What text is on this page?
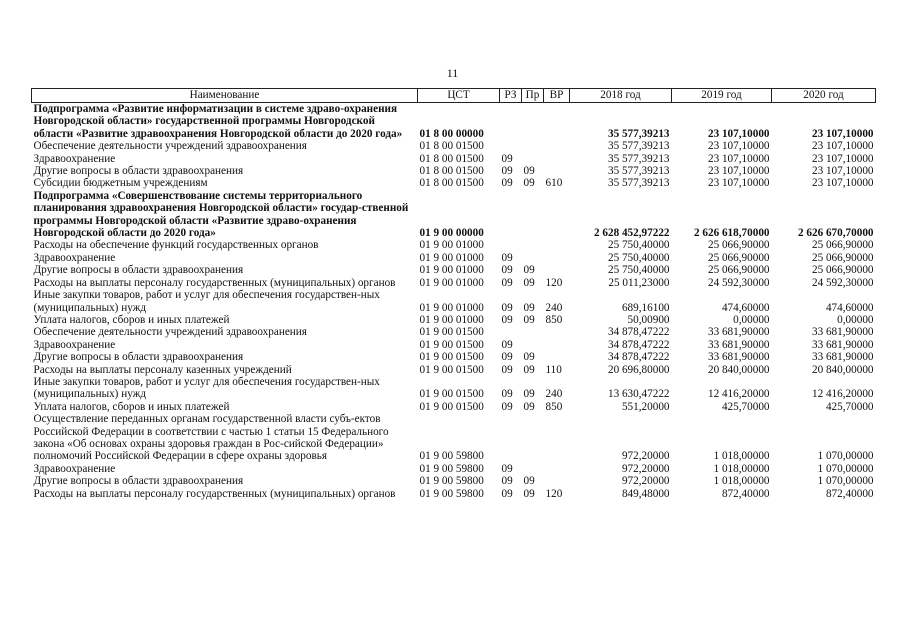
11
Наименование	ЦСТ	РЗ	Пр	ВР	2018 год	2019 год	2020 год
Подпрограмма «Развитие информатизации в системе здраво-охранения Новгородской области» государственной программы Новгородской области «Развитие здравоохранения Новгородской области до 2020 года»	01 8 00 00000				35 577,39213	23 107,10000	23 107,10000
Обеспечение деятельности учреждений здравоохранения	01 8 00 01500				35 577,39213	23 107,10000	23 107,10000
Здравоохранение	01 8 00 01500	09			35 577,39213	23 107,10000	23 107,10000
Другие вопросы в области здравоохранения	01 8 00 01500	09	09		35 577,39213	23 107,10000	23 107,10000
Субсидии бюджетным учреждениям	01 8 00 01500	09	09	610	35 577,39213	23 107,10000	23 107,10000
Подпрограмма «Совершенствование системы территориального планирования здравоохранения Новгородской области» государ-ственной программы Новгородской области «Развитие здраво-охранения Новгородской области до 2020 года»	01 9 00 00000				2 628 452,97222	2 626 618,70000	2 626 670,70000
Расходы на обеспечение функций государственных органов	01 9 00 01000				25 750,40000	25 066,90000	25 066,90000
Здравоохранение	01 9 00 01000	09			25 750,40000	25 066,90000	25 066,90000
Другие вопросы в области здравоохранения	01 9 00 01000	09	09		25 750,40000	25 066,90000	25 066,90000
Расходы на выплаты персоналу государственных (муниципальных) органов	01 9 00 01000	09	09	120	25 011,23000	24 592,30000	24 592,30000
Иные закупки товаров, работ и услуг для обеспечения государствен-ных (муниципальных) нужд	01 9 00 01000	09	09	240	689,16100	474,60000	474,60000
Уплата налогов, сборов и иных платежей	01 9 00 01000	09	09	850	50,00900	0,00000	0,00000
Обеспечение деятельности учреждений здравоохранения	01 9 00 01500				34 878,47222	33 681,90000	33 681,90000
Здравоохранение	01 9 00 01500	09			34 878,47222	33 681,90000	33 681,90000
Другие вопросы в области здравоохранения	01 9 00 01500	09	09		34 878,47222	33 681,90000	33 681,90000
Расходы на выплаты персоналу казенных учреждений	01 9 00 01500	09	09	110	20 696,80000	20 840,00000	20 840,00000
Иные закупки товаров, работ и услуг для обеспечения государствен-ных (муниципальных) нужд	01 9 00 01500	09	09	240	13 630,47222	12 416,20000	12 416,20000
Уплата налогов, сборов и иных платежей	01 9 00 01500	09	09	850	551,20000	425,70000	425,70000
Осуществление переданных органам государственной власти субъ-ектов Российской Федерации в соответствии с частью 1 статьи 15 Федерального закона «Об основах охраны здоровья граждан в Рос-сийской Федерации» полномочий Российской Федерации в сфере охраны здоровья	01 9 00 59800				972,20000	1 018,00000	1 070,00000
Здравоохранение	01 9 00 59800	09			972,20000	1 018,00000	1 070,00000
Другие вопросы в области здравоохранения	01 9 00 59800	09	09		972,20000	1 018,00000	1 070,00000
Расходы на выплаты персоналу государственных (муниципальных) органов	01 9 00 59800	09	09	120	849,48000	872,40000	872,40000
